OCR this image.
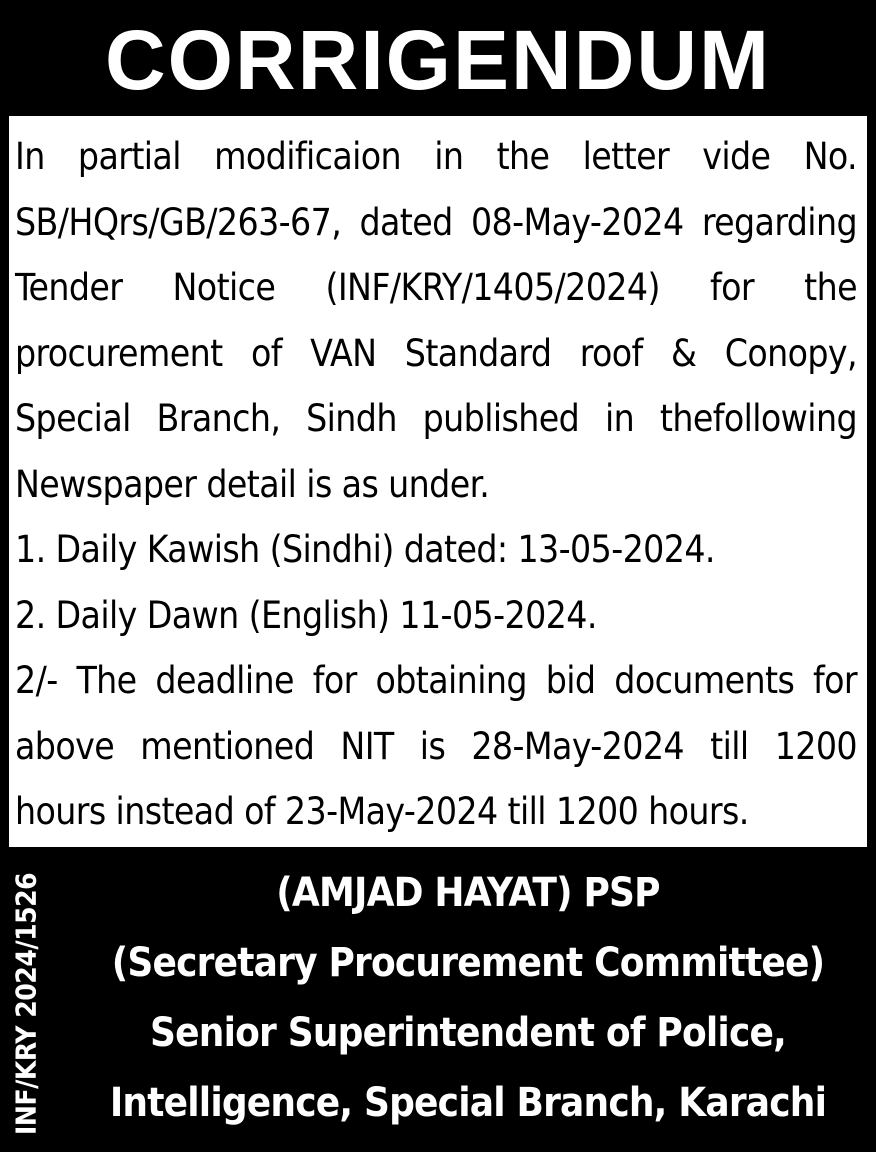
CORRIGENDUM

In partial modificaion in the letter vide No.
SB/HQrs/GB/263-67, dated 08-May-2024 regarding
Tender Notice (INF/KRY/1405/2024) for the
procurement of VAN Standard roof & Conopy,
Special Branch, Sindh published in thefollowing
Newspaper detail is as under.
1. Daily Kawish (Sindhi) dated: 13-05-2024.
2. Daily Dawn (English) 11-05-2024.
2/- The deadline for obtaining bid documents for
above mentioned NIT is 28-May-2024 till 1200
hours instead of 23-May-2024 till 1200 hours.

INF/KRY 2024/1526	(AMJAD HAYAT) PSP
(Secretary Procurement Committee)
Senior Superintendent of Police,
Intelligence, Special Branch, Karachi
